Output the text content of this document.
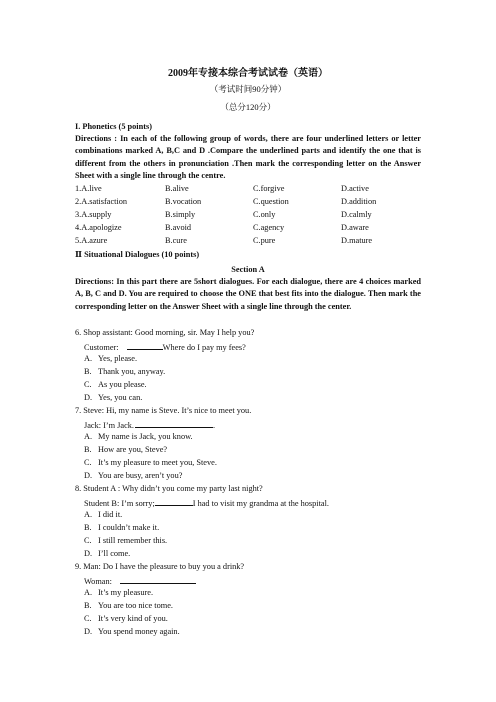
2009年专接本综合考试试卷（英语）
（考试时间90分钟）
（总分120分）
I. Phonetics (5 points)
Directions : In each of the following group of words, there are four underlined letters or letter combinations marked A, B,C and D .Compare the underlined parts and identify the one that is different from the others in pronunciation .Then mark the corresponding letter on the Answer Sheet with a single line through the centre.
1.A.live	B.alive	C.forgive	D.active
2.A.satisfaction	B.vocation	C.question	D.addition
3.A.supply	B.simply	C.only	D.calmly
4.A.apologize	B.avoid	C.agency	D.aware
5.A.azure	B.cure	C.pure	D.mature
Ⅱ Situational Dialogues (10 points)
Section A
Directions: In this part there are 5short dialogues. For each dialogue, there are 4 choices marked A, B, C and D. You are required to choose the ONE that best fits into the dialogue. Then mark the corresponding letter on the Answer Sheet with a single line through the center.
6. Shop assistant: Good morning, sir. May I help you?
Customer:	Where do I pay my fees?
A. Yes, please.
B. Thank you, anyway.
C. As you please.
D. Yes, you can.
7. Steve: Hi, my name is Steve. It’s nice to meet you.
Jack: I’m Jack.	.
A. My name is Jack, you know.
B. How are you, Steve?
C. It’s my pleasure to meet you, Steve.
D. You are busy, aren’t you?
8. Student A : Why didn’t you come my party last night?
Student B: I’m sorry;	I had to visit my grandma at the hospital.
A. I did it.
B. I couldn’t make it.
C. I still remember this.
D. I’ll come.
9. Man: Do I have the pleasure to buy you a drink?
Woman:
A. It’s my pleasure.
B. You are too nice tome.
C. It’s very kind of you.
D. You spend money again.
